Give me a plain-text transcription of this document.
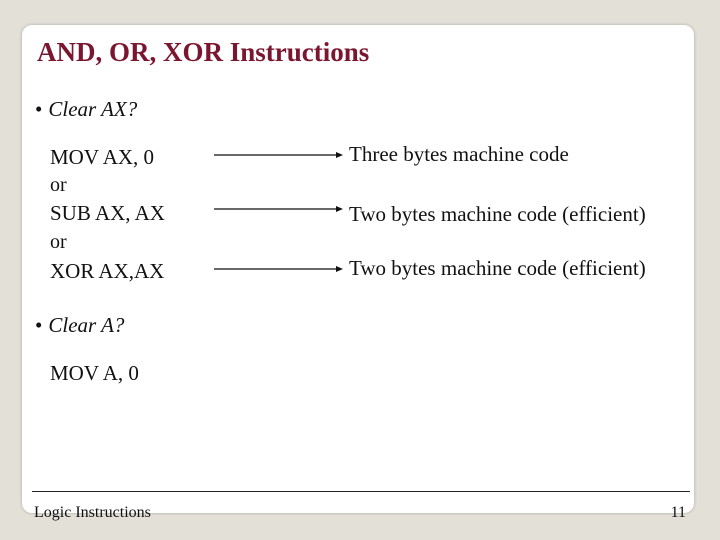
AND, OR, XOR Instructions
• Clear AX?
MOV AX, 0
or
SUB AX, AX
or
XOR AX,AX
Three bytes machine code
Two bytes machine code (efficient)
Two bytes machine code (efficient)
• Clear A?
MOV A, 0
Logic Instructions	11
